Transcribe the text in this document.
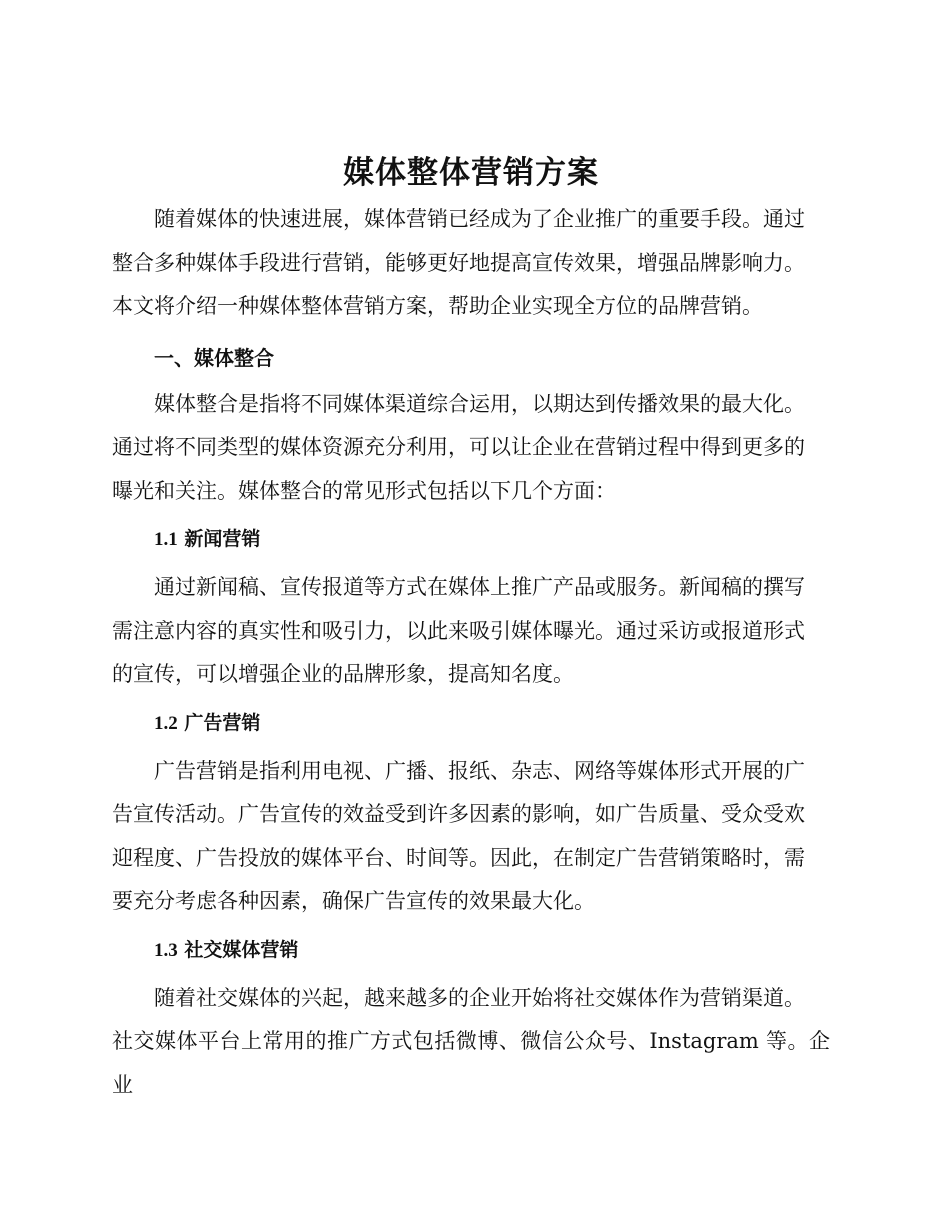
媒体整体营销方案

随着媒体的快速进展，媒体营销已经成为了企业推广的重要手段。通过
整合多种媒体手段进行营销，能够更好地提高宣传效果，增强品牌影响力。
本文将介绍一种媒体整体营销方案，帮助企业实现全方位的品牌营销。

一、媒体整合

媒体整合是指将不同媒体渠道综合运用，以期达到传播效果的最大化。
通过将不同类型的媒体资源充分利用，可以让企业在营销过程中得到更多的
曝光和关注。媒体整合的常见形式包括以下几个方面：

1.1 新闻营销

通过新闻稿、宣传报道等方式在媒体上推广产品或服务。新闻稿的撰写
需注意内容的真实性和吸引力，以此来吸引媒体曝光。通过采访或报道形式
的宣传，可以增强企业的品牌形象，提高知名度。

1.2 广告营销

广告营销是指利用电视、广播、报纸、杂志、网络等媒体形式开展的广
告宣传活动。广告宣传的效益受到许多因素的影响，如广告质量、受众受欢
迎程度、广告投放的媒体平台、时间等。因此，在制定广告营销策略时，需
要充分考虑各种因素，确保广告宣传的效果最大化。

1.3 社交媒体营销

随着社交媒体的兴起，越来越多的企业开始将社交媒体作为营销渠道。
社交媒体平台上常用的推广方式包括微博、微信公众号、Instagram 等。企业
